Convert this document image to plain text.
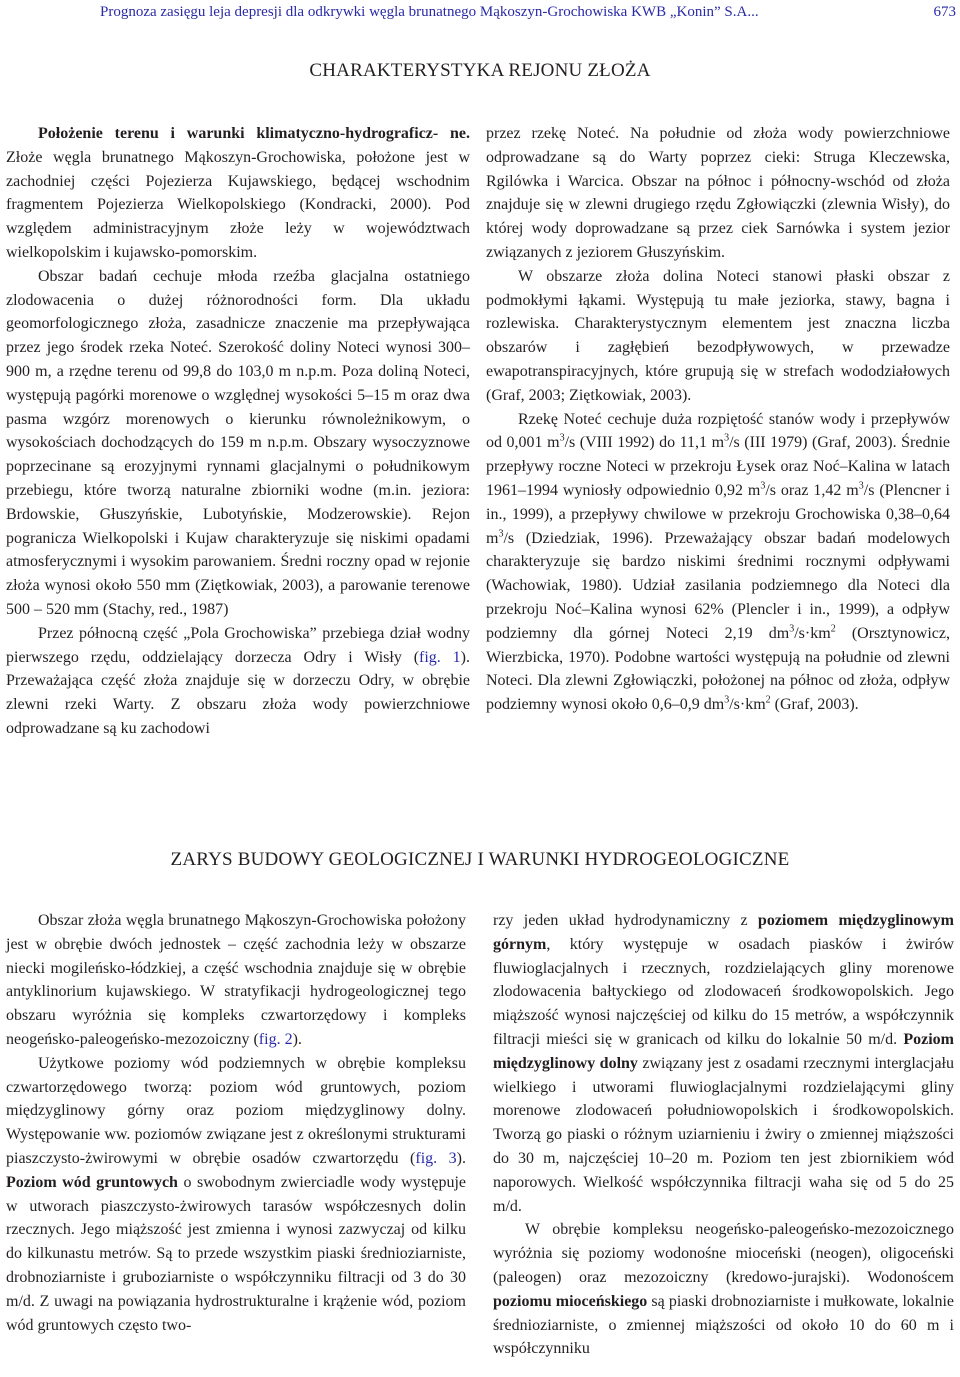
Prognoza zasięgu leja depresji dla odkrywki węgla brunatnego Mąkoszyn-Grochowiska KWB „Konin” S.A...	673
CHARAKTERYSTYKA REJONU ZŁOŻA

Położenie terenu i warunki klimatyczno-hydrograficz- ne. Złoże węgla brunatnego Mąkoszyn-Grochowiska, położone jest w zachodniej części Pojezierza Kujawskiego, będącej wschodnim fragmentem Pojezierza Wielkopolskiego (Kondracki, 2000). Pod względem administracyjnym złoże leży w województwach wielkopolskim i kujawsko-pomorskim.

Obszar badań cechuje młoda rzeźba glacjalna ostatniego zlodowacenia o dużej różnorodności form. Dla układu geomorfologicznego złoża, zasadnicze znaczenie ma przepływająca przez jego środek rzeka Noteć. Szerokość doliny Noteci wynosi 300–900 m, a rzędne terenu od 99,8 do 103,0 m n.p.m. Poza doliną Noteci, występują pagórki morenowe o względnej wysokości 5–15 m oraz dwa pasma wzgórz morenowych o kierunku równoleżnikowym, o wysokościach dochodzących do 159 m n.p.m. Obszary wysoczyznowe poprzecinane są erozyjnymi rynnami glacjalnymi o południkowym przebiegu, które tworzą naturalne zbiorniki wodne (m.in. jeziora: Brdowskie, Głuszyńskie, Lubotyńskie, Modzerowskie). Rejon pogranicza Wielkopolski i Kujaw charakteryzuje się niskimi opadami atmosferycznymi i wysokim parowaniem. Średni roczny opad w rejonie złoża wynosi około 550 mm (Ziętkowiak, 2003), a parowanie terenowe 500 – 520 mm (Stachy, red., 1987)

Przez północną część „Pola Grochowiska” przebiega dział wodny pierwszego rzędu, oddzielający dorzecza Odry i Wisły (fig. 1). Przeważająca część złoża znajduje się w dorzeczu Odry, w obrębie zlewni rzeki Warty. Z obszaru złoża wody powierzchniowe odprowadzane są ku zachodowi

przez rzekę Noteć. Na południe od złoża wody powierzchniowe odprowadzane są do Warty poprzez cieki: Struga Kleczewska, Rgilówka i Warcica. Obszar na północ i północny-wschód od złoża znajduje się w zlewni drugiego rzędu Zgłowiączki (zlewnia Wisły), do której wody doprowadzane są przez ciek Sarnówka i system jezior związanych z jeziorem Głuszyńskim.

W obszarze złoża dolina Noteci stanowi płaski obszar z podmokłymi łąkami. Występują tu małe jeziorka, stawy, bagna i rozlewiska. Charakterystycznym elementem jest znaczna liczba obszarów i zagłębień bezodpływowych, w przewadze ewapotranspiracyjnych, które grupują się w strefach wododziałowych (Graf, 2003; Ziętkowiak, 2003).

Rzekę Noteć cechuje duża rozpiętość stanów wody i przepływów od 0,001 $m^3/s$ (VIII 1992) do 11,1 $m^3/s$ (III 1979) (Graf, 2003). Średnie przepływy roczne Noteci w przekroju Łysek oraz Noć–Kalina w latach 1961–1994 wyniosły odpowiednio 0,92 $m^3/s$ oraz 1,42 $m^3/s$ (Plencner i in., 1999), a przepływy chwilowe w przekroju Grochowiska 0,38–0,64 $m^3/s$ (Dziedziak, 1996). Przeważający obszar badań modelowych charakteryzuje się bardzo niskimi średnimi rocznymi odpływami (Wachowiak, 1980). Udział zasilania podziemnego dla Noteci dla przekroju Noć–Kalina wynosi 62% (Plencler i in., 1999), a odpływ podziemny dla górnej Noteci 2,19 $dm^3/s\cdot km^2$ (Orsztynowicz, Wierzbicka, 1970). Podobne wartości występują na południe od zlewni Noteci. Dla zlewni Zgłowiączki, położonej na północ od złoża, odpływ podziemny wynosi około 0,6–0,9 $dm^3/s\cdot km^2$ (Graf, 2003).

ZARYS BUDOWY GEOLOGICZNEJ I WARUNKI HYDROGEOLOGICZNE

Obszar złoża węgla brunatnego Mąkoszyn-Grochowiska położony jest w obrębie dwóch jednostek – część zachodnia leży w obszarze niecki mogileńsko-łódzkiej, a część wschodnia znajduje się w obrębie antyklinorium kujawskiego. W stratyfikacji hydrogeologicznej tego obszaru wyróżnia się kompleks czwartorzędowy i kompleks neogeńsko-paleogeńsko-mezozoiczny (fig. 2).

Użytkowe poziomy wód podziemnych w obrębie kompleksu czwartorzędowego tworzą: poziom wód gruntowych, poziom międzyglinowy górny oraz poziom międzyglinowy dolny. Występowanie ww. poziomów związane jest z określonymi strukturami piaszczysto-żwirowymi w obrębie osadów czwartorzędu (fig. 3). Poziom wód gruntowych o swobodnym zwierciadle wody występuje w utworach piaszczysto-żwirowych tarasów współczesnych dolin rzecznych. Jego miąższość jest zmienna i wynosi zazwyczaj od kilku do kilkunastu metrów. Są to przede wszystkim piaski średnioziarniste, drobnoziarniste i gruboziarniste o współczynniku filtracji od 3 do 30 m/d. Z uwagi na powiązania hydrostrukturalne i krążenie wód, poziom wód gruntowych często two-

rzy jeden układ hydrodynamiczny z poziomem międzyglinowym górnym, który występuje w osadach piasków i żwirów fluwioglacjalnych i rzecznych, rozdzielających gliny morenowe zlodowacenia bałtyckiego od zlodowaceń środkowopolskich. Jego miąższość wynosi najczęściej od kilku do 15 metrów, a współczynnik filtracji mieści się w granicach od kilku do lokalnie 50 m/d. Poziom międzyglinowy dolny związany jest z osadami rzecznymi interglacjału wielkiego i utworami fluwioglacjalnymi rozdzielającymi gliny morenowe zlodowaceń południowopolskich i środkowopolskich. Tworzą go piaski o różnym uziarnieniu i żwiry o zmiennej miąższości do 30 m, najczęściej 10–20 m. Poziom ten jest zbiornikiem wód naporowych. Wielkość współczynnika filtracji waha się od 5 do 25 m/d.

W obrębie kompleksu neogeńsko-paleogeńsko-mezozoicznego wyróżnia się poziomy wodonośne mioceński (neogen), oligoceński (paleogen) oraz mezozoiczny (kredowo-jurajski). Wodonoścem poziomu mioceńskiego są piaski drobnoziarniste i mułkowate, lokalnie średnioziarniste, o zmiennej miąższości od około 10 do 60 m i współczynniku
